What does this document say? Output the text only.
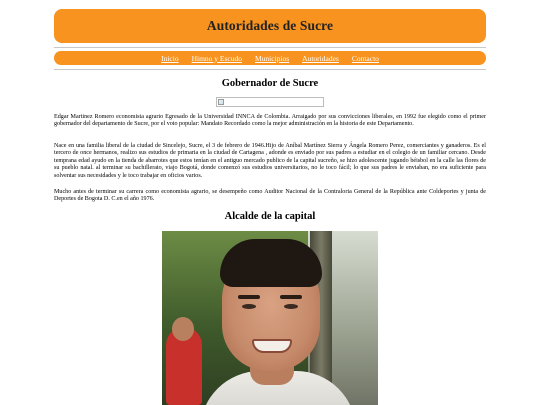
Autoridades de Sucre
Inicio Himno y Escudo Municipios Autoridades Contacto
Gobernador de Sucre

Edgar Martinez Romero economista agrario Egresado de la Universidad INNCA de Colombia. Arraigado por sus convicciones liberales, en 1992 fue elegido como el primer gobernador del departamento de Sucre, por el voto popular: Mandato Recordado como la mejor administración en la historia de este Departamento.

Nace en una familia liberal de la ciudad de Sincelejo, Sucre, el 3 de febrero de 1946.Hijo de Aníbal Martínez Sierra y Ángela Romero Perez, comerciantes y ganaderos. Es el tercero de once hermanos, realizo sus estudios de primaria en la ciudad de Cartagena , adonde es enviado por sus padres a estudiar en el colegio de un familiar cercano. Desde temprana edad ayudo en la tienda de abarrotes que estos tenían en el antiguo mercado publico de la capital sucreño, se hizo adolescente jugando béisbol en la calle las flores de su pueblo natal. al terminar su bachillerato, viajo Bogotá, donde comenzó sus estudios universitarios, no le toco fácil; lo que sus padres le enviaban, no era suficiente para solventar sus necesidades y le toco trabajar en oficios varios.

Mucho antes de terminar su carrera como economista agrario, se desempeño como Auditor Nacional de la Contraloria General de la República ante Coldeportes y junta de Deportes de Bogota D. C.en el año 1976.

Alcalde de la capital
